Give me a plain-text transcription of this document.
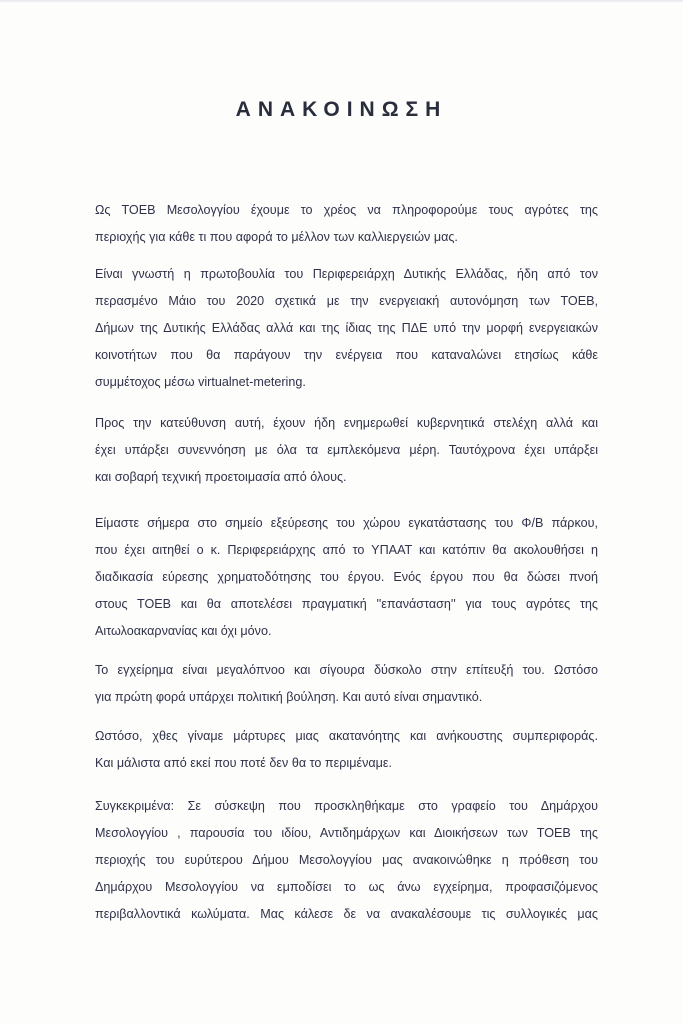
ΑΝΑΚΟΙΝΩΣΗ
Ως ΤΟΕΒ Μεσολογγίου έχουμε το χρέος να πληροφορούμε τους αγρότες της
περιοχής για κάθε τι που αφορά το μέλλον των καλλιεργειών μας.
Είναι γνωστή η πρωτοβουλία του Περιφερειάρχη Δυτικής Ελλάδας, ήδη από τον
περασμένο Μάιο του 2020 σχετικά με την ενεργειακή αυτονόμηση των ΤΟΕΒ,
Δήμων της Δυτικής Ελλάδας αλλά και της ίδιας της ΠΔΕ υπό την μορφή ενεργειακών
κοινοτήτων που θα παράγουν την ενέργεια που καταναλώνει ετησίως κάθε
συμμέτοχος μέσω virtualnet-metering.
Προς την κατεύθυνση αυτή, έχουν ήδη ενημερωθεί κυβερνητικά στελέχη αλλά και
έχει υπάρξει συνεννόηση με όλα τα εμπλεκόμενα μέρη. Ταυτόχρονα έχει υπάρξει
και σοβαρή τεχνική προετοιμασία από όλους.
Είμαστε σήμερα στο σημείο εξεύρεσης του χώρου εγκατάστασης του Φ/Β πάρκου,
που έχει αιτηθεί ο κ. Περιφερειάρχης από το ΥΠΑΑΤ και κατόπιν θα ακολουθήσει η
διαδικασία εύρεσης χρηματοδότησης του έργου. Ενός έργου που θα δώσει πνοή
στους ΤΟΕΒ και θα αποτελέσει πραγματική ''επανάσταση'' για τους αγρότες της
Αιτωλοακαρνανίας και όχι μόνο.
Το εγχείρημα είναι μεγαλόπνοο και σίγουρα δύσκολο στην επίτευξή του. Ωστόσο
για πρώτη φορά υπάρχει πολιτική βούληση. Και αυτό είναι σημαντικό.
Ωστόσο, χθες γίναμε μάρτυρες μιας ακατανόητης και ανήκουστης συμπεριφοράς.
Και μάλιστα από εκεί που ποτέ δεν θα το περιμέναμε.
Συγκεκριμένα: Σε σύσκεψη που προσκληθήκαμε στο γραφείο του Δημάρχου
Μεσολογγίου , παρουσία του ιδίου, Αντιδημάρχων και Διοικήσεων των ΤΟΕΒ της
περιοχής του ευρύτερου Δήμου Μεσολογγίου μας ανακοινώθηκε η πρόθεση του
Δημάρχου Μεσολογγίου να εμποδίσει το ως άνω εγχείρημα, προφασιζόμενος
περιβαλλοντικά κωλύματα. Μας κάλεσε δε να ανακαλέσουμε τις συλλογικές μας
